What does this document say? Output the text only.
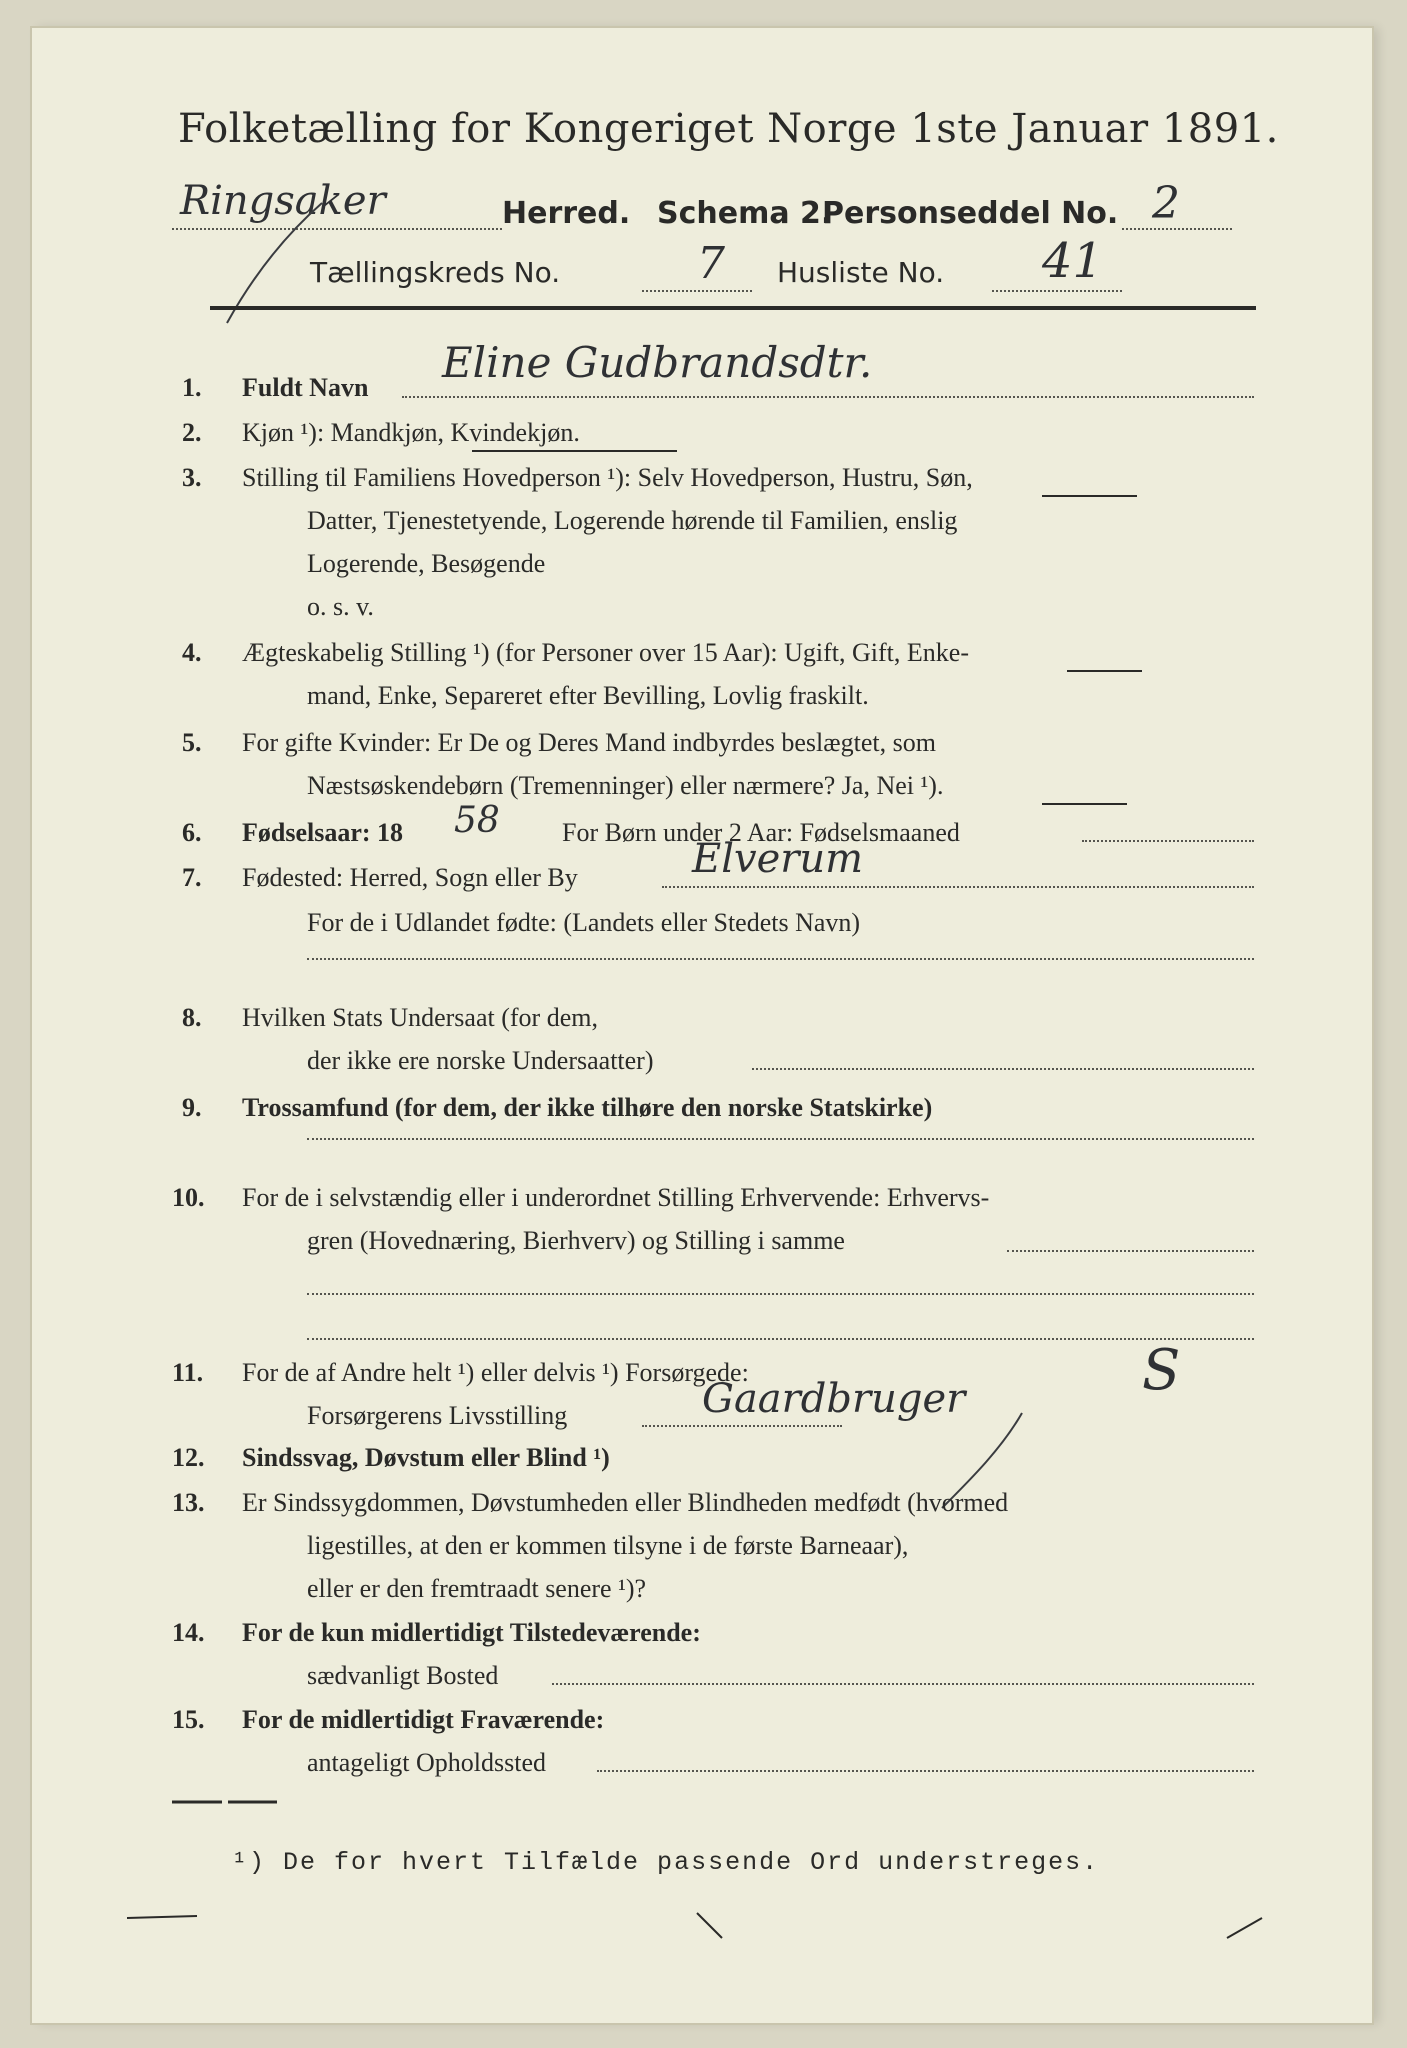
Folketælling for Kongeriget Norge 1ste Januar 1891.
Ringsaker	Herred. Schema 2.
Personseddel No. 2
Tællingskreds No.	7 Husliste No. 41
1. Fuldt Navn
Eline Gudbrandsdtr.
2. Kjøn ¹): Mandkjøn, Kvindekjøn.
3. Stilling til Familiens Hovedperson ¹): Selv Hovedperson, Hustru, Søn,
Datter, Tjenestetyende, Logerende hørende til Familien, enslig
Logerende, Besøgende
o. s. v.
4. Ægteskabelig Stilling ¹) (for Personer over 15 Aar): Ugift, Gift, Enke-
mand, Enke, Separeret efter Bevilling, Lovlig fraskilt.
5. For gifte Kvinder: Er De og Deres Mand indbyrdes beslægtet, som
Næstsøskendebørn (Tremenninger) eller nærmere? Ja, Nei ¹).
6. Fødselsaar: 18 58 For Børn under 2 Aar: Fødselsmaaned
7. Fødested: Herred, Sogn eller By	Elverum
For de i Udlandet fødte: (Landets eller Stedets Navn)
8. Hvilken Stats Undersaat (for dem,
der ikke ere norske Undersaatter)
9. Trossamfund (for dem, der ikke tilhøre den norske Statskirke)
10. For de i selvstændig eller i underordnet Stilling Erhvervende: Erhvervs-
gren (Hovednæring, Bierhverv) og Stilling i samme
11. For de af Andre helt ¹) eller delvis ¹) Forsørgede:
Forsørgerens Livsstilling	Gaardbruger	S
12. Sindssvag, Døvstum eller Blind ¹)
13. Er Sindssygdommen, Døvstumheden eller Blindheden medfødt (hvormed
ligestilles, at den er kommen tilsyne i de første Barneaar),
eller er den fremtraadt senere ¹)?
14. For de kun midlertidigt Tilstedeværende:
sædvanligt Bosted
15. For de midlertidigt Fraværende:
antageligt Opholdssted
¹) De for hvert Tilfælde passende Ord understreges.
